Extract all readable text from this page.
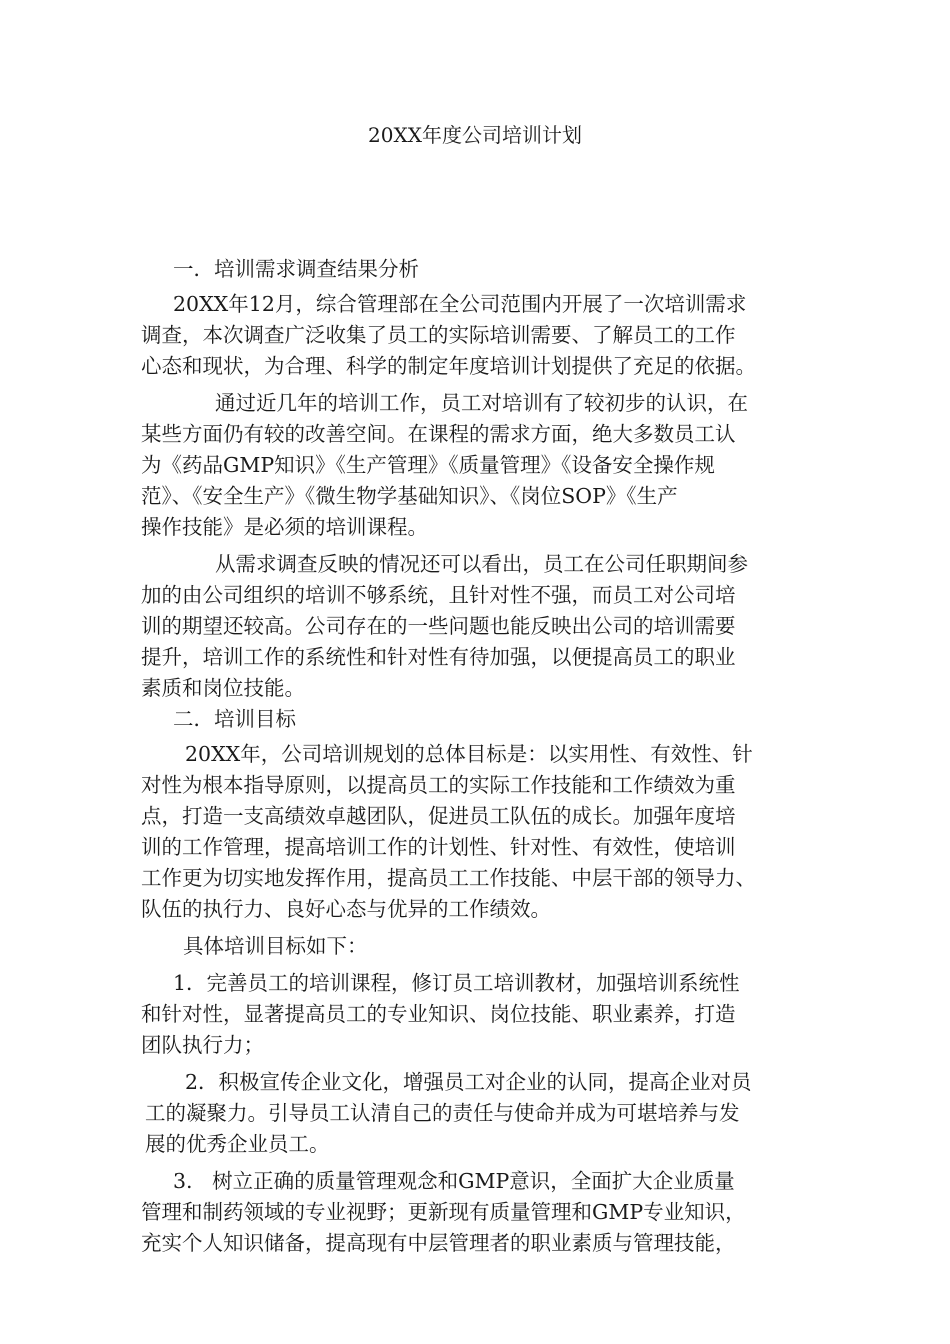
20XX年度公司培训计划
一．培训需求调查结果分析
20XX年12月，综合管理部在全公司范围内开展了一次培训需求
调查，本次调查广泛收集了员工的实际培训需要、了解员工的工作
心态和现状，为合理、科学的制定年度培训计划提供了充足的依据。
通过近几年的培训工作，员工对培训有了较初步的认识，在
某些方面仍有较的改善空间。在课程的需求方面，绝大多数员工认
为《药品GMP知识》《生产管理》《质量管理》《设备安全操作规
范》、《安全生产》《微生物学基础知识》、《岗位SOP》《生产
操作技能》是必须的培训课程。
从需求调查反映的情况还可以看出，员工在公司任职期间参
加的由公司组织的培训不够系统，且针对性不强，而员工对公司培
训的期望还较高。公司存在的一些问题也能反映出公司的培训需要
提升，培训工作的系统性和针对性有待加强，以便提高员工的职业
素质和岗位技能。
二．培训目标
20XX年，公司培训规划的总体目标是：以实用性、有效性、针
对性为根本指导原则，以提高员工的实际工作技能和工作绩效为重
点，打造一支高绩效卓越团队，促进员工队伍的成长。加强年度培
训的工作管理，提高培训工作的计划性、针对性、有效性，使培训
工作更为切实地发挥作用，提高员工工作技能、中层干部的领导力、
队伍的执行力、良好心态与优异的工作绩效。
具体培训目标如下：
1．完善员工的培训课程，修订员工培训教材，加强培训系统性
和针对性，显著提高员工的专业知识、岗位技能、职业素养，打造
团队执行力；
2．积极宣传企业文化，增强员工对企业的认同，提高企业对员
工的凝聚力。引导员工认清自己的责任与使命并成为可堪培养与发
展的优秀企业员工。
3.   树立正确的质量管理观念和GMP意识，全面扩大企业质量
管理和制药领域的专业视野；更新现有质量管理和GMP专业知识，
充实个人知识储备，提高现有中层管理者的职业素质与管理技能，
